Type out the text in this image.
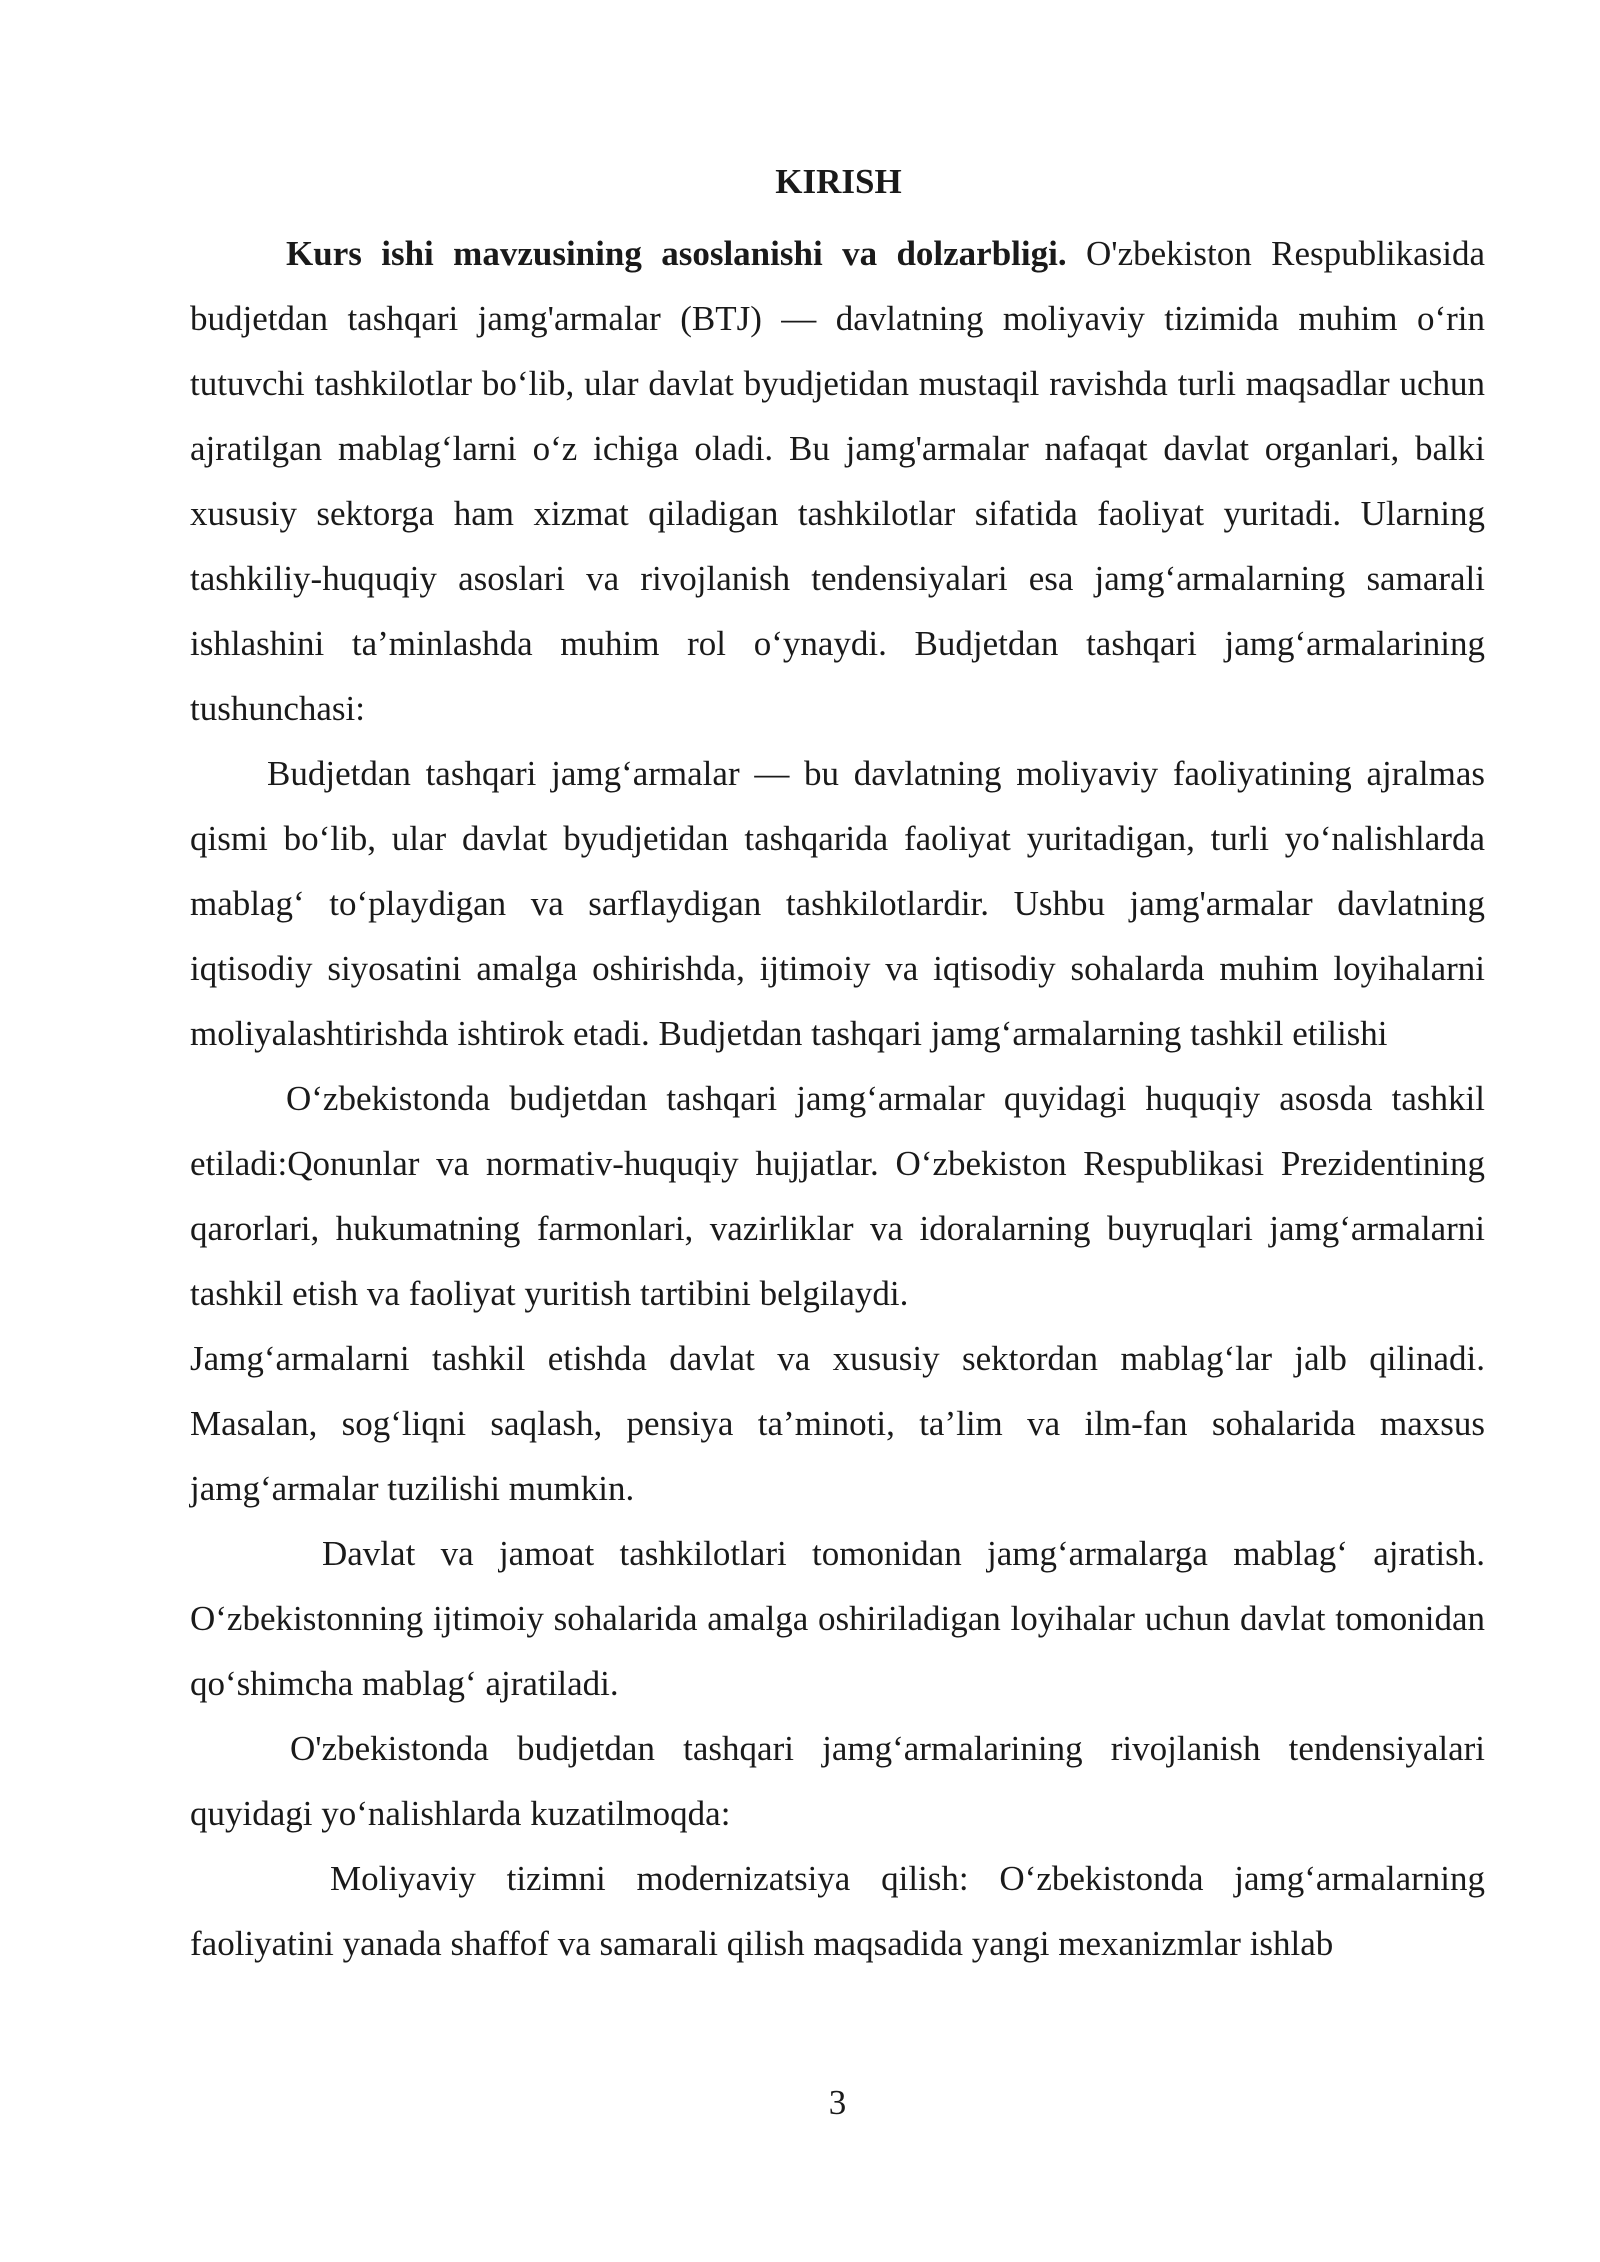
KIRISH

Kurs ishi mavzusining asoslanishi va dolzarbligi. O'zbekiston Respublikasida budjetdan tashqari jamg'armalar (BTJ) — davlatning moliyaviy tizimida muhim o‘rin tutuvchi tashkilotlar bo‘lib, ular davlat byudjetidan mustaqil ravishda turli maqsadlar uchun ajratilgan mablag‘larni o‘z ichiga oladi. Bu jamg'armalar nafaqat davlat organlari, balki xususiy sektorga ham xizmat qiladigan tashkilotlar sifatida faoliyat yuritadi. Ularning tashkiliy-huquqiy asoslari va rivojlanish tendensiyalari esa jamg‘armalarning samarali ishlashini ta’minlashda muhim rol o‘ynaydi. Budjetdan tashqari jamg‘armalarining tushunchasi:

Budjetdan tashqari jamg‘armalar — bu davlatning moliyaviy faoliyatining ajralmas qismi bo‘lib, ular davlat byudjetidan tashqarida faoliyat yuritadigan, turli yo‘nalishlarda mablag‘ to‘playdigan va sarflaydigan tashkilotlardir. Ushbu jamg'armalar davlatning iqtisodiy siyosatini amalga oshirishda, ijtimoiy va iqtisodiy sohalarda muhim loyihalarni moliyalashtirishda ishtirok etadi. Budjetdan tashqari jamg‘armalarning tashkil etilishi

O‘zbekistonda budjetdan tashqari jamg‘armalar quyidagi huquqiy asosda tashkil etiladi:Qonunlar va normativ-huquqiy hujjatlar. O‘zbekiston Respublikasi Prezidentining qarorlari, hukumatning farmonlari, vazirliklar va idoralarning buyruqlari jamg‘armalarni tashkil etish va faoliyat yuritish tartibini belgilaydi.

Jamg‘armalarni tashkil etishda davlat va xususiy sektordan mablag‘lar jalb qilinadi. Masalan, sog‘liqni saqlash, pensiya ta’minoti, ta’lim va ilm-fan sohalarida maxsus jamg‘armalar tuzilishi mumkin.

Davlat va jamoat tashkilotlari tomonidan jamg‘armalarga mablag‘ ajratish. O‘zbekistonning ijtimoiy sohalarida amalga oshiriladigan loyihalar uchun davlat tomonidan qo‘shimcha mablag‘ ajratiladi.

O'zbekistonda budjetdan tashqari jamg‘armalarining rivojlanish tendensiyalari quyidagi yo‘nalishlarda kuzatilmoqda:

Moliyaviy tizimni modernizatsiya qilish: O‘zbekistonda jamg‘armalarning faoliyatini yanada shaffof va samarali qilish maqsadida yangi mexanizmlar ishlab

3
